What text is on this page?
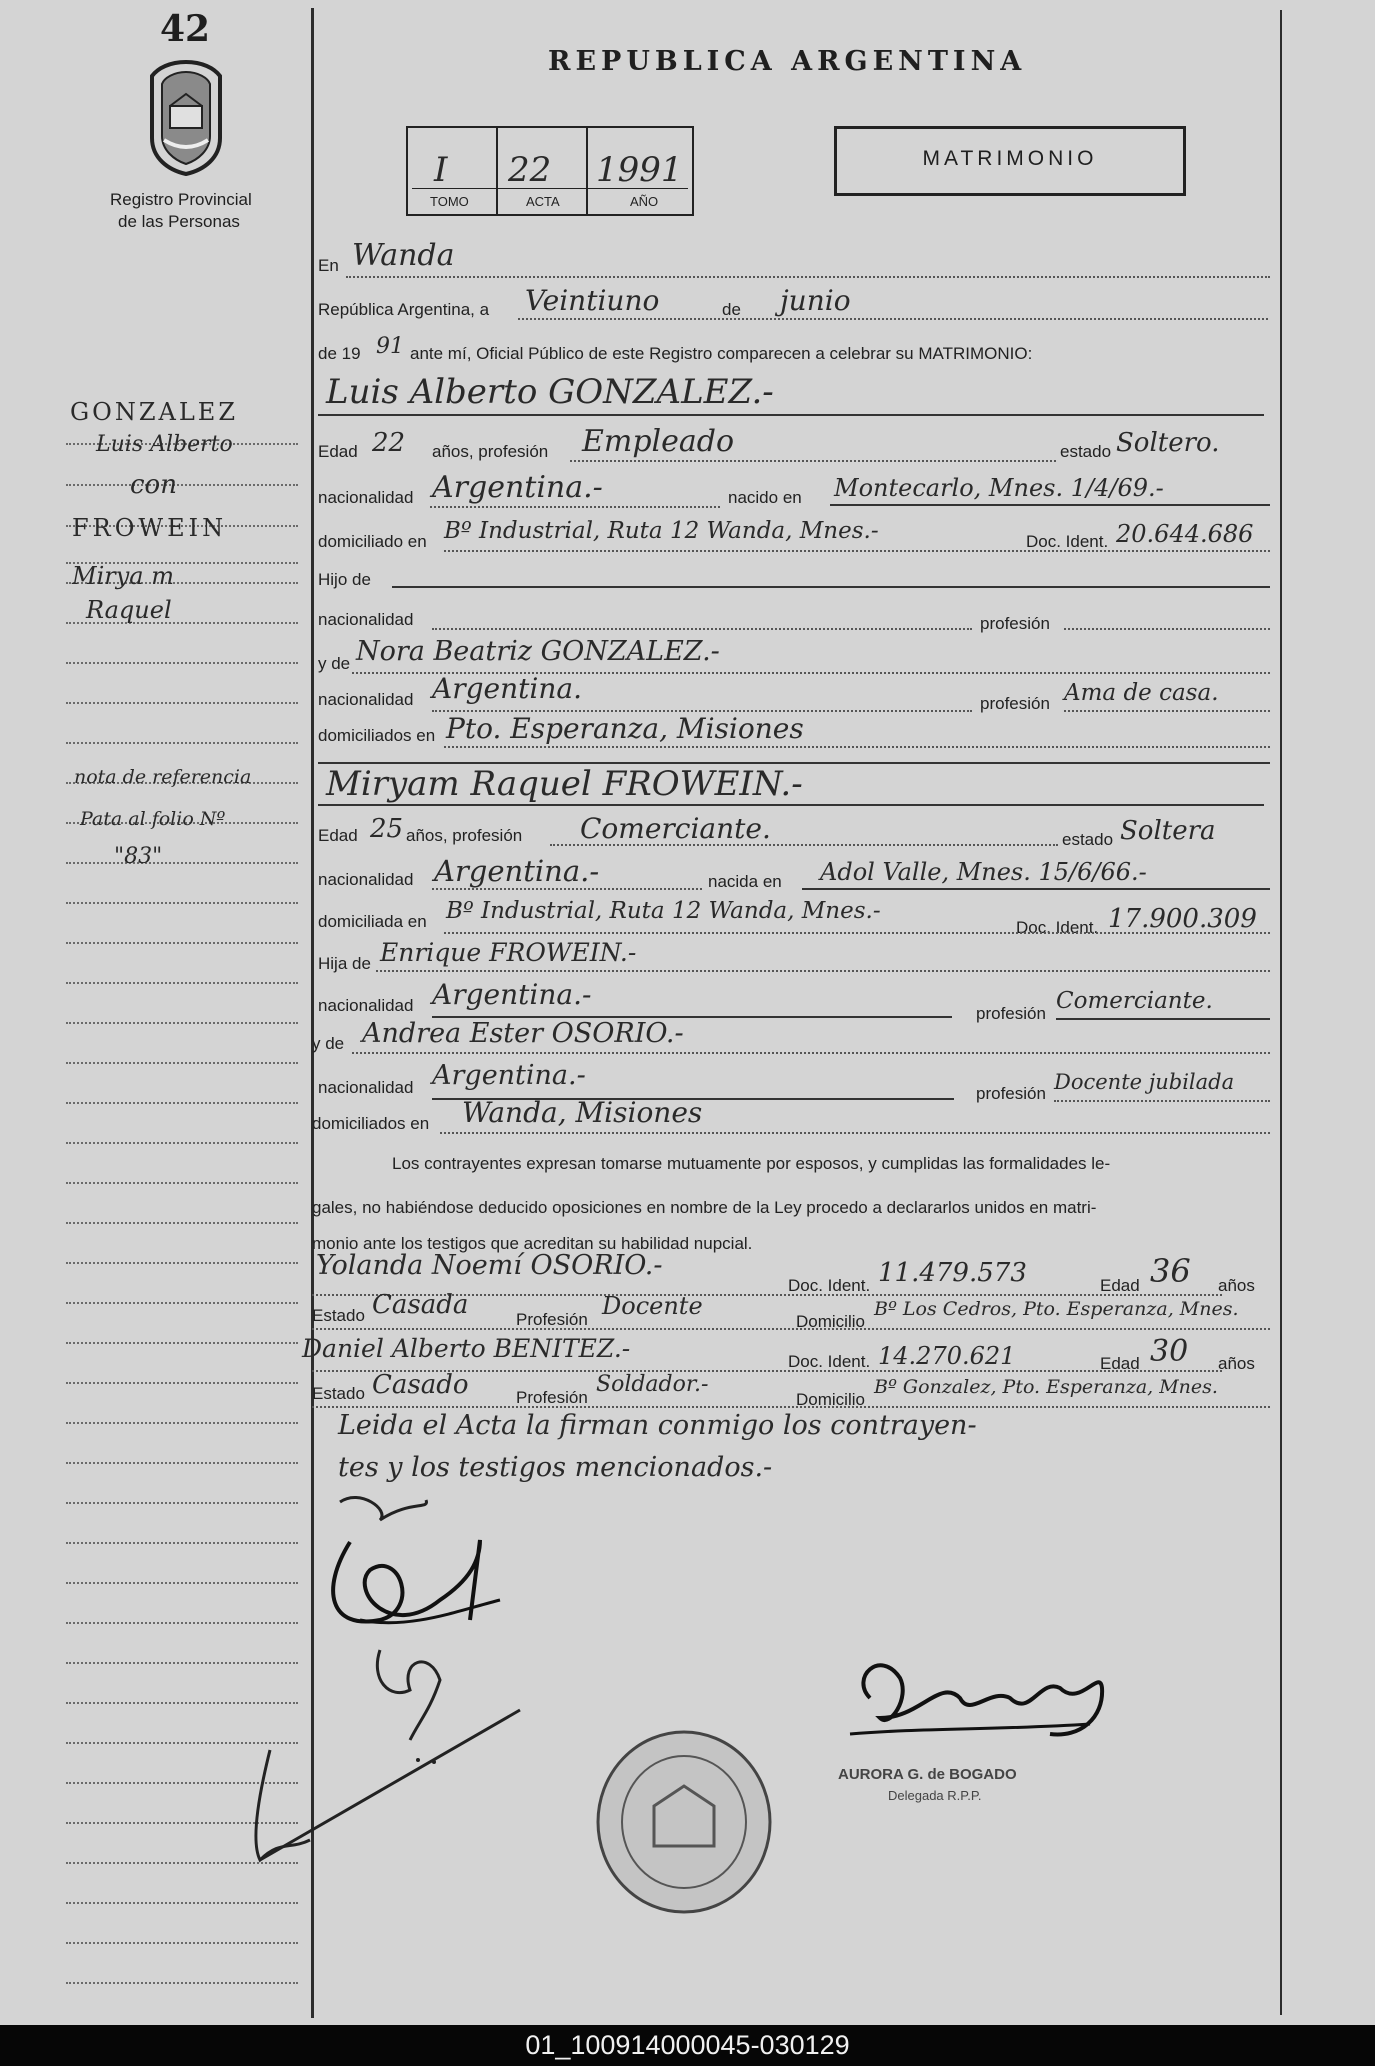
42
Registro Provincial
de las Personas
REPUBLICA ARGENTINA
I 22 1991
TOMO	ACTA	AÑO
MATRIMONIO
En Wanda
República Argentina, a Veintiuno	de junio
de 19 91 ante mí, Oficial Público de este Registro comparecen a celebrar su MATRIMONIO:
Luis Alberto GONZALEZ.-
Edad 22 años, profesión Empleado	estado Soltero.
nacionalidad Argentina.-	nacido en Montecarlo, Mnes. 1/4/69.-
domiciliado en Bº Industrial, Ruta 12 Wanda, Mnes.-	Doc. Ident. 20.644.686
Hijo de
nacionalidad	profesión
y de Nora Beatriz GONZALEZ.-
nacionalidad Argentina.	profesión Ama de casa.
domiciliados en Pto. Esperanza, Misiones
Miryam Raquel FROWEIN.-
Edad 25 años, profesión Comerciante.	estado Soltera
nacionalidad Argentina.-	nacida en Adol Valle, Mnes. 15/6/66.-
domiciliada en Bº Industrial, Ruta 12 Wanda, Mnes.-
Doc. Ident. 17.900.309
Hija de Enrique FROWEIN.-
nacionalidad Argentina.-
profesión Comerciante.
y de Andrea Ester OSORIO.-
nacionalidad Argentina.-
profesión Docente jubilada
domiciliados en Wanda, Misiones
Los contrayentes expresan tomarse mutuamente por esposos, y cumplidas las formalidades le-
gales, no habiéndose deducido oposiciones en nombre de la Ley procedo a declararlos unidos en matri-
monio ante los testigos que acreditan su habilidad nupcial.
Yolanda Noemí OSORIO.-
Doc. Ident. 11.479.573	Edad 36 años
Estado Casada	Profesión Docente
Domicilio
Bº Los Cedros, Pto. Esperanza, Mnes.
Daniel Alberto BENITEZ.-	Doc. Ident. 14.270.621	Edad 30 años
Estado Casado	Profesión
Soldador.-
Domicilio
Bº Gonzalez, Pto. Esperanza, Mnes.
Leida el Acta la firman conmigo los contrayen-
tes y los testigos mencionados.-
AURORA G. de BOGADO
Delegada R.P.P.
GONZALEZ
Luis Alberto
con
FROWEIN
Mirya m
Raquel
nota de referencia
Pata al folio Nº
"83"
01_100914000045-030129
